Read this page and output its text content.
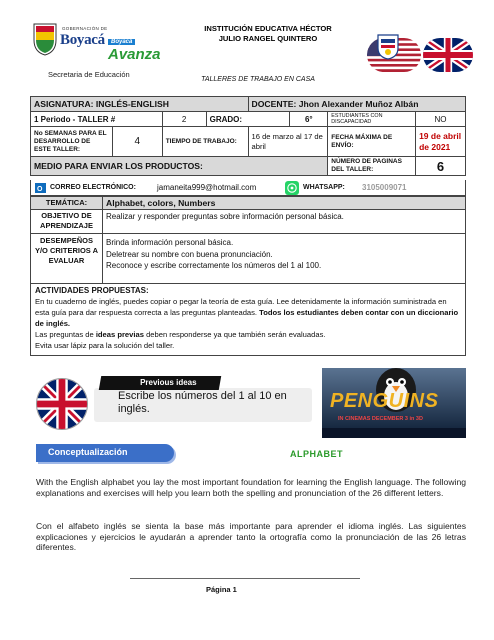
GOBERNACIÓN DE
Boyacá	Boyacá
Avanza
Secretaria de Educación
INSTITUCIÓN EDUCATIVA HÉCTOR
JULIO RANGEL QUINTERO
TALLERES DE TRABAJO EN CASA
ASIGNATURA: INGLÉS-ENGLISH				DOCENTE: Jhon Alexander Muñoz Albán			
1 Periodo - TALLER #		2	GRADO:		6°	ESTUDIANTES CON DISCAPACIDAD	NO
No SEMANAS PARA EL DESARROLLO DE ESTE TALLER:	4	TIEMPO DE TRABAJO:		16 de marzo al 17 de abril		FECHA MÁXIMA DE ENVÍO:	19 de abril de 2021
MEDIO PARA ENVIAR LOS PRODUCTOS:						NÚMERO DE PAGINAS DEL TALLER:	6
O CORREO ELECTRÓNICO:	jamaneita999@hotmail.com	WHATSAPP: 3105009071
TEMÁTICA:	Alphabet, colors, Numbers
OBJETIVO DE APRENDIZAJE	Realizar y responder preguntas sobre información personal básica.
DESEMPEÑOS Y/O CRITERIOS A EVALUAR	Brinda información personal básica.
Deletrear su nombre con buena pronunciación.
Reconoce y escribe correctamente los números del 1 al 100.
ACTIVIDADES PROPUESTAS:
En tu cuaderno de inglés, puedes copiar o pegar la teoría de esta guía. Lee detenidamente la información suministrada en esta guía para dar respuesta correcta a las preguntas planteadas. Todos los estudiantes deben contar con un diccionario de inglés.
Las preguntas de ideas previas deben responderse ya que también serán evaluadas.
Evita usar lápiz para la solución del taller.
Previous ideas
Escribe los números del 1 al 10 en inglés.	PENGUINS
IN CINEMAS DECEMBER 3 in 3D
Conceptualización	ALPHABET
With the English alphabet you lay the most important foundation for learning the English language. The following explanations and exercises will help you learn both the spelling and pronunciation of the 26 different letters.
Con el alfabeto inglés se sienta la base más importante para aprender el idioma inglés. Las siguientes explicaciones y ejercicios le ayudarán a aprender tanto la ortografía como la pronunciación de las 26 letras diferentes.
Página 1
